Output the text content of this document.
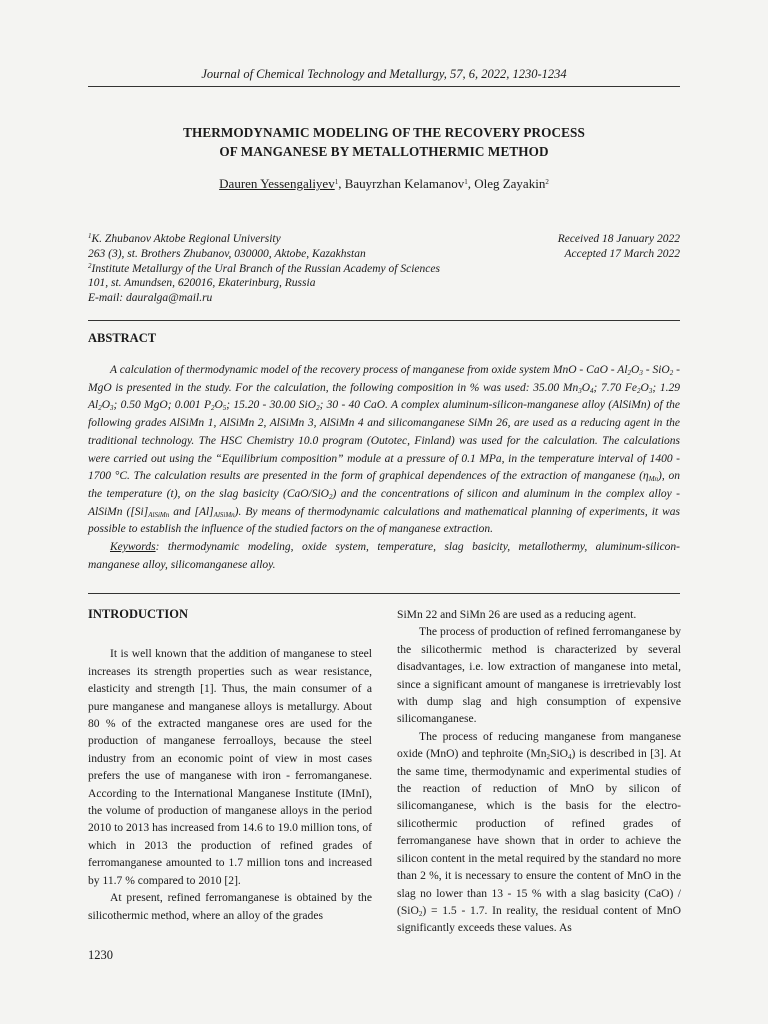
Journal of Chemical Technology and Metallurgy, 57, 6, 2022, 1230-1234
THERMODYNAMIC MODELING OF THE RECOVERY PROCESS
OF MANGANESE BY METALLOTHERMIC METHOD
Dauren Yessengaliyev$^1$, Bauyrzhan Kelamanov$^1$, Oleg Zayakin$^2$
$^1$K. Zhubanov Aktobe Regional University
263 (3), st. Brothers Zhubanov, 030000, Aktobe, Kazakhstan
$^2$Institute Metallurgy of the Ural Branch of the Russian Academy of Sciences
101, st. Amundsen, 620016, Ekaterinburg, Russia
E-mail: dauralga@mail.ru
Received 18 January 2022
Accepted 17 March 2022
ABSTRACT

A calculation of thermodynamic model of the recovery process of manganese from oxide system MnO - CaO - $Al_2O_3 - SiO_2$ - MgO is presented in the study. For the calculation, the following composition in % was used: 35.00 $Mn_3O_4$; 7.70 $Fe_2O_3$; 1.29 $Al_2O_3$; 0.50 MgO; 0.001 $P_2O_5$; 15.20 - 30.00 SiO$_2$; 30 - 40 CaO. A complex aluminum-silicon-manganese alloy (AlSiMn) of the following grades AlSiMn 1, AlSiMn 2, AlSiMn 3, AlSiMn 4 and silicomanganese SiMn 26, are used as a reducing agent in the traditional technology. The HSC Chemistry 10.0 program (Outotec, Finland) was used for the calculation. The calculations were carried out using the “Equilibrium composition” module at a pressure of 0.1 MPa, in the temperature interval of 1400 - 1700 °C. The calculation results are presented in the form of graphical dependences of the extraction of manganese $(\eta_{Mn})$, on the temperature (t), on the slag basicity (CaO/SiO$_2$) and the concentrations of silicon and aluminum in the complex alloy - AlSiMn ($[Si]_{AlSiMn}$ and $[Al]_{AlSiMn}$). By means of thermodynamic calculations and mathematical planning of experiments, it was possible to establish the influence of the studied factors on the of manganese extraction.

Keywords: thermodynamic modeling, oxide system, temperature, slag basicity, metallothermy, aluminum-silicon-manganese alloy, silicomanganese alloy.

INTRODUCTION

It is well known that the addition of manganese to steel increases its strength properties such as wear resistance, elasticity and strength [1]. Thus, the main consumer of a pure manganese and manganese alloys is metallurgy. About 80 % of the extracted manganese ores are used for the production of manganese ferroalloys, because the steel industry from an economic point of view in most cases prefers the use of manganese with iron - ferromanganese. According to the International Manganese Institute (IMnI), the volume of production of manganese alloys in the period 2010 to 2013 has increased from 14.6 to 19.0 million tons, of which in 2013 the production of refined grades of ferromanganese amounted to 1.7 million tons and increased by 11.7 % compared to 2010 [2].

At present, refined ferromanganese is obtained by the silicothermic method, where an alloy of the grades

SiMn 22 and SiMn 26 are used as a reducing agent.

The process of production of refined ferromanganese by the silicothermic method is characterized by several disadvantages, i.e. low extraction of manganese into metal, since a significant amount of manganese is irretrievably lost with dump slag and high consumption of expensive silicomanganese.

The process of reducing manganese from manganese oxide (MnO) and tephroite $(Mn_2SiO_4)$ is described in [3]. At the same time, thermodynamic and experimental studies of the reaction of reduction of MnO by silicon of silicomanganese, which is the basis for the electro-silicothermic production of refined grades of ferromanganese have shown that in order to achieve the silicon content in the metal required by the standard no more than 2 %, it is necessary to ensure the content of MnO in the slag no lower than 13 - 15 % with a slag basicity (CaO) / (SiO$_2$) = 1.5 - 1.7. In reality, the residual content of MnO significantly exceeds these values. As

1230
